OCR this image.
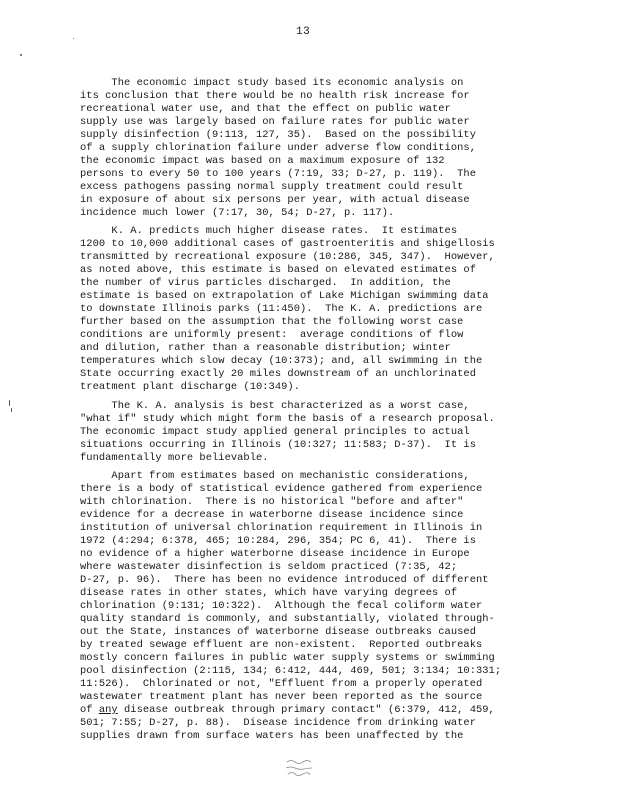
13
The economic impact study based its economic analysis on
its conclusion that there would be no health risk increase for
recreational water use, and that the effect on public water
supply use was largely based on failure rates for public water
supply disinfection (9:113, 127, 35).  Based on the possibility
of a supply chlorination failure under adverse flow conditions,
the economic impact was based on a maximum exposure of 132
persons to every 50 to 100 years (7:19, 33; D-27, p. 119).  The
excess pathogens passing normal supply treatment could result
in exposure of about six persons per year, with actual disease
incidence much lower (7:17, 30, 54; D-27, p. 117).
K. A. predicts much higher disease rates.  It estimates
1200 to 10,000 additional cases of gastroenteritis and shigellosis
transmitted by recreational exposure (10:286, 345, 347).  However,
as noted above, this estimate is based on elevated estimates of
the number of virus particles discharged.  In addition, the
estimate is based on extrapolation of Lake Michigan swimming data
to downstate Illinois parks (11:450).  The K. A. predictions are
further based on the assumption that the following worst case
conditions are uniformly present:  average conditions of flow
and dilution, rather than a reasonable distribution; winter
temperatures which slow decay (10:373); and, all swimming in the
State occurring exactly 20 miles downstream of an unchlorinated
treatment plant discharge (10:349).
The K. A. analysis is best characterized as a worst case,
"what if" study which might form the basis of a research proposal.
The economic impact study applied general principles to actual
situations occurring in Illinois (10:327; 11:583; D-37).  It is
fundamentally more believable.
Apart from estimates based on mechanistic considerations,
there is a body of statistical evidence gathered from experience
with chlorination.  There is no historical "before and after"
evidence for a decrease in waterborne disease incidence since
institution of universal chlorination requirement in Illinois in
1972 (4:294; 6:378, 465; 10:284, 296, 354; PC 6, 41).  There is
no evidence of a higher waterborne disease incidence in Europe
where wastewater disinfection is seldom practiced (7:35, 42;
D-27, p. 96).  There has been no evidence introduced of different
disease rates in other states, which have varying degrees of
chlorination (9:131; 10:322).  Although the fecal coliform water
quality standard is commonly, and substantially, violated through-
out the State, instances of waterborne disease outbreaks caused
by treated sewage effluent are non-existent.  Reported outbreaks
mostly concern failures in public water supply systems or swimming
pool disinfection (2:115, 134; 6:412, 444, 469, 501; 3:134; 10:331;
11:526).  Chlorinated or not, "Effluent from a properly operated
wastewater treatment plant has never been reported as the source
of any disease outbreak through primary contact" (6:379, 412, 459,
501; 7:55; D-27, p. 88).  Disease incidence from drinking water
supplies drawn from surface waters has been unaffected by the
